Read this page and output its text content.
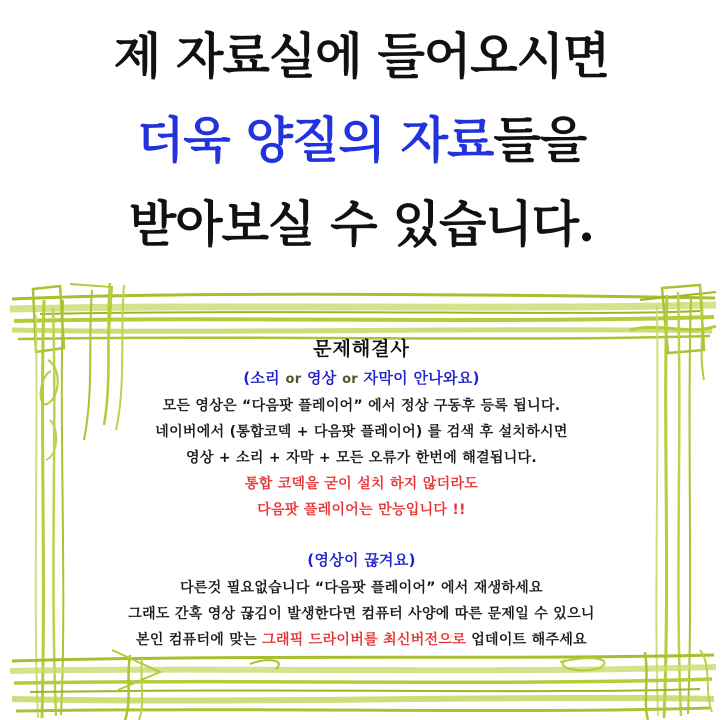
제 자료실에 들어오시면

더욱 양질의 자료들을

받아보실 수 있습니다.

문제해결사

(소리 or 영상 or 자막이 안나와요)

모든 영상은 “다음팟 플레이어” 에서 정상 구동후 등록 됩니다.

네이버에서 (통합코덱 + 다음팟 플레이어) 를 검색 후 설치하시면

영상 + 소리 + 자막 + 모든 오류가 한번에 해결됩니다.

통합 코덱을 굳이 설치 하지 않더라도

다음팟 플레이어는 만능입니다 !!

(영상이 끊겨요)

다른것 필요없습니다 “다음팟 플레이어” 에서 재생하세요

그래도 간혹 영상 끊김이 발생한다면 컴퓨터 사양에 따른 문제일 수 있으니

본인 컴퓨터에 맞는 그래픽 드라이버를 최신버전으로 업데이트 해주세요
